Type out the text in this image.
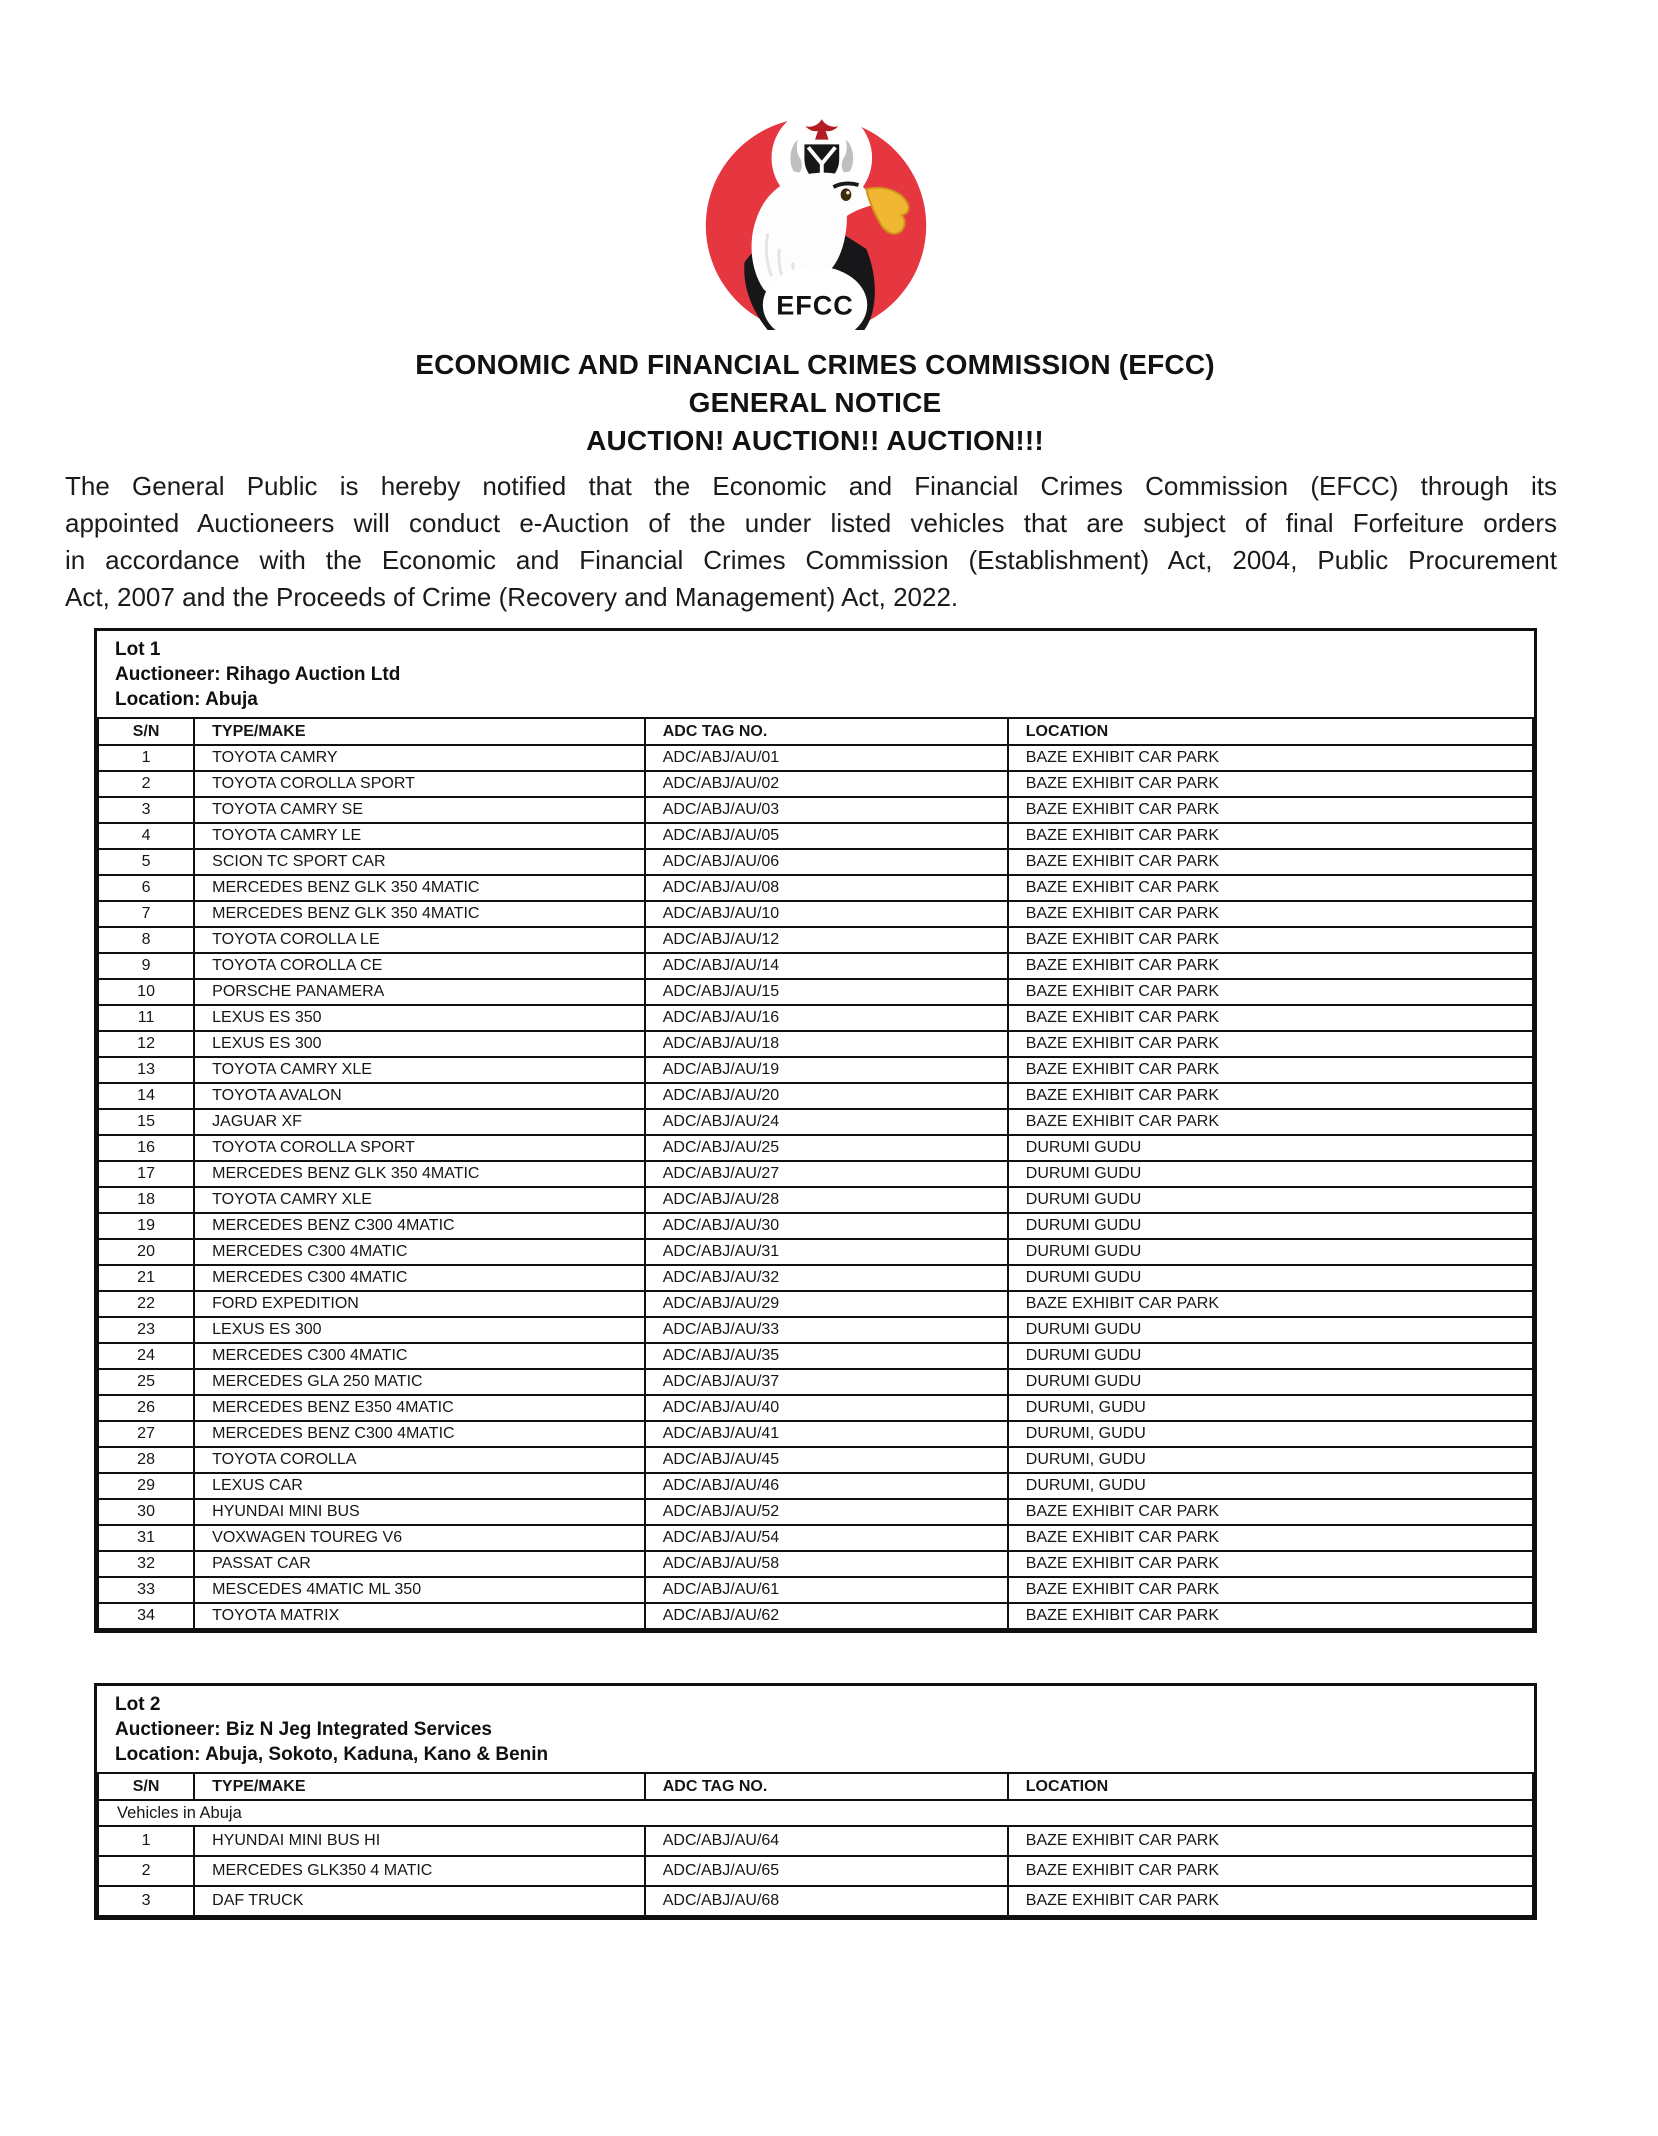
EFCC
ECONOMIC AND FINANCIAL CRIMES COMMISSION (EFCC)
GENERAL NOTICE
AUCTION! AUCTION!! AUCTION!!!
The General Public is hereby notified that the Economic and Financial Crimes Commission (EFCC) through its
appointed Auctioneers will conduct e-Auction of the under listed vehicles that are subject of final Forfeiture orders
in accordance with the Economic and Financial Crimes Commission (Establishment) Act, 2004, Public Procurement
Act, 2007 and the Proceeds of Crime (Recovery and Management) Act, 2022.
Lot 1
Auctioneer: Rihago Auction Ltd
Location: Abuja
S/N	TYPE/MAKE	ADC TAG NO.	LOCATION
1	TOYOTA CAMRY	ADC/ABJ/AU/01	BAZE EXHIBIT CAR PARK
2	TOYOTA COROLLA SPORT	ADC/ABJ/AU/02	BAZE EXHIBIT CAR PARK
3	TOYOTA CAMRY SE	ADC/ABJ/AU/03	BAZE EXHIBIT CAR PARK
4	TOYOTA CAMRY LE	ADC/ABJ/AU/05	BAZE EXHIBIT CAR PARK
5	SCION TC SPORT CAR	ADC/ABJ/AU/06	BAZE EXHIBIT CAR PARK
6	MERCEDES BENZ GLK 350 4MATIC	ADC/ABJ/AU/08	BAZE EXHIBIT CAR PARK
7	MERCEDES BENZ GLK 350 4MATIC	ADC/ABJ/AU/10	BAZE EXHIBIT CAR PARK
8	TOYOTA COROLLA LE	ADC/ABJ/AU/12	BAZE EXHIBIT CAR PARK
9	TOYOTA COROLLA CE	ADC/ABJ/AU/14	BAZE EXHIBIT CAR PARK
10	PORSCHE PANAMERA	ADC/ABJ/AU/15	BAZE EXHIBIT CAR PARK
11	LEXUS ES 350	ADC/ABJ/AU/16	BAZE EXHIBIT CAR PARK
12	LEXUS ES 300	ADC/ABJ/AU/18	BAZE EXHIBIT CAR PARK
13	TOYOTA CAMRY XLE	ADC/ABJ/AU/19	BAZE EXHIBIT CAR PARK
14	TOYOTA AVALON	ADC/ABJ/AU/20	BAZE EXHIBIT CAR PARK
15	JAGUAR XF	ADC/ABJ/AU/24	BAZE EXHIBIT CAR PARK
16	TOYOTA COROLLA SPORT	ADC/ABJ/AU/25	DURUMI GUDU
17	MERCEDES BENZ GLK 350 4MATIC	ADC/ABJ/AU/27	DURUMI GUDU
18	TOYOTA CAMRY XLE	ADC/ABJ/AU/28	DURUMI GUDU
19	MERCEDES BENZ C300 4MATIC	ADC/ABJ/AU/30	DURUMI GUDU
20	MERCEDES C300 4MATIC	ADC/ABJ/AU/31	DURUMI GUDU
21	MERCEDES C300 4MATIC	ADC/ABJ/AU/32	DURUMI GUDU
22	FORD EXPEDITION	ADC/ABJ/AU/29	BAZE EXHIBIT CAR PARK
23	LEXUS ES 300	ADC/ABJ/AU/33	DURUMI GUDU
24	MERCEDES C300 4MATIC	ADC/ABJ/AU/35	DURUMI GUDU
25	MERCEDES GLA 250 MATIC	ADC/ABJ/AU/37	DURUMI GUDU
26	MERCEDES BENZ E350 4MATIC	ADC/ABJ/AU/40	DURUMI, GUDU
27	MERCEDES BENZ C300 4MATIC	ADC/ABJ/AU/41	DURUMI, GUDU
28	TOYOTA COROLLA	ADC/ABJ/AU/45	DURUMI, GUDU
29	LEXUS CAR	ADC/ABJ/AU/46	DURUMI, GUDU
30	HYUNDAI MINI BUS	ADC/ABJ/AU/52	BAZE EXHIBIT CAR PARK
31	VOXWAGEN TOUREG V6	ADC/ABJ/AU/54	BAZE EXHIBIT CAR PARK
32	PASSAT CAR	ADC/ABJ/AU/58	BAZE EXHIBIT CAR PARK
33	MESCEDES 4MATIC ML 350	ADC/ABJ/AU/61	BAZE EXHIBIT CAR PARK
34	TOYOTA MATRIX	ADC/ABJ/AU/62	BAZE EXHIBIT CAR PARK
Lot 2
Auctioneer: Biz N Jeg Integrated Services
Location: Abuja, Sokoto, Kaduna, Kano & Benin
S/N	TYPE/MAKE	ADC TAG NO.	LOCATION
Vehicles in Abuja			
1	HYUNDAI MINI BUS HI	ADC/ABJ/AU/64	BAZE EXHIBIT CAR PARK
2	MERCEDES GLK350 4 MATIC	ADC/ABJ/AU/65	BAZE EXHIBIT CAR PARK
3	DAF TRUCK	ADC/ABJ/AU/68	BAZE EXHIBIT CAR PARK
